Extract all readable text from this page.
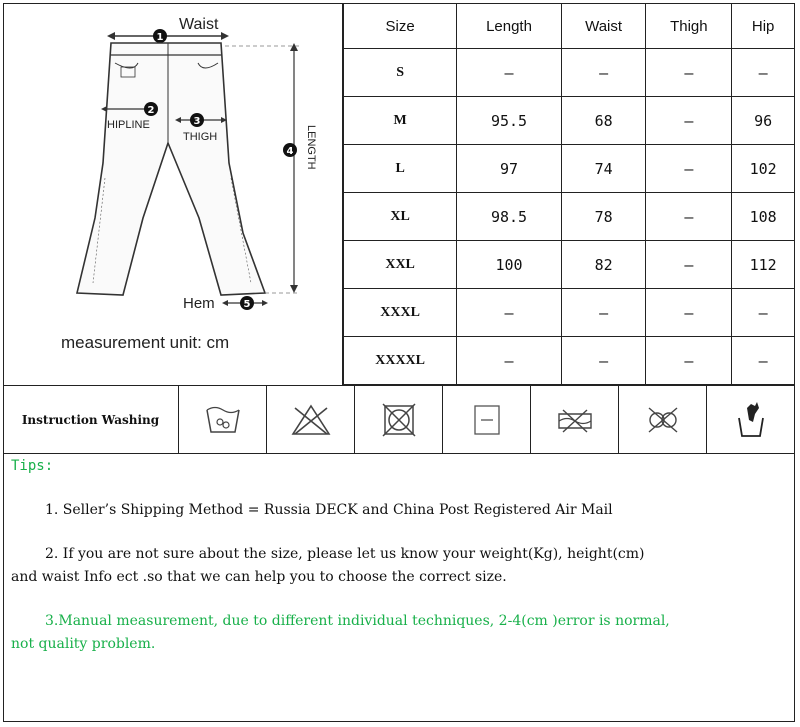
1
Waist
2
HIPLINE	3
THIGH
4 LENGTH
Hem	5
measurement unit: cm
Size	Length	Waist	Thigh	Hip
S	—	—	—	—
M	95.5	68	—	96
L	97	74	—	102
XL	98.5	78	—	108
XXL	100	82	—	112
XXXL	—	—	—	—
XXXXL	—	—	—	—
Instruction Washing
Tips:
1. Seller’s Shipping Method = Russia DECK and China Post Registered Air Mail
2. If you are not sure about the size, please let us know your weight(Kg), height(cm)
and waist Info ect .so that we can help you to choose the correct size.
3.Manual measurement, due to different individual techniques, 2-4(cm )error is normal,
not quality problem.
